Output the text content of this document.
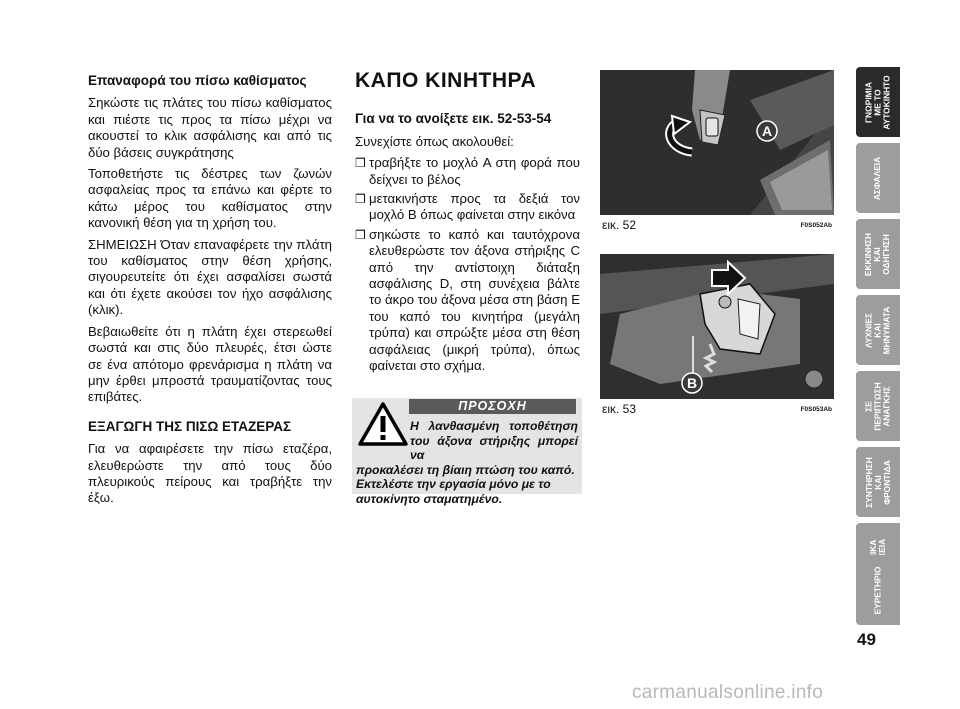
Επαναφορά του πίσω καθίσματος

Σηκώστε τις πλάτες του πίσω καθίσματος και πιέστε τις προς τα πίσω μέχρι να ακουστεί το κλικ ασφάλισης και από τις δύο βάσεις συγκράτησης

Τοποθετήστε τις δέστρες των ζωνών ασφαλείας προς τα επάνω και φέρτε το κάτω μέρος του καθίσματος στην κανονική θέση για τη χρήση του.

ΣΗΜΕΙΩΣΗ Όταν επαναφέρετε την πλάτη του καθίσματος στην θέση χρήσης, σιγουρευτείτε ότι έχει ασφαλίσει σωστά και ότι έχετε ακούσει τον ήχο ασφάλισης (κλικ).

Βεβαιωθείτε ότι η πλάτη έχει στερεωθεί σωστά και στις δύο πλευρές, έτσι ώστε σε ένα απότομο φρενάρισμα η πλάτη να μην έρθει μπροστά τραυματίζοντας τους επιβάτες.

ΕΞΑΓΩΓΗ ΤΗΣ ΠΙΣΩ ΕΤΑΖΕΡΑΣ

Για να αφαιρέσετε την πίσω εταζέρα, ελευθερώστε την από τους δύο πλευρικούς πείρους και τραβήξτε την έξω.

ΚΑΠΟ ΚΙΝΗΤΗΡΑ
Για να το ανοίξετε εικ. 52-53-54

Συνεχίστε όπως ακολουθεί:

❒ τραβήξτε το μοχλό A στη φορά που δείχνει το βέλος
❒ μετακινήστε προς τα δεξιά τον μοχλό B όπως φαίνεται στην εικόνα
❒ σηκώστε το καπό και ταυτόχρονα ελευθερώστε τον άξονα στήριξης C από την αντίστοιχη διάταξη ασφάλισης D, στη συνέχεια βάλτε το άκρο του άξονα μέσα στη βάση E του καπό του κινητήρα (μεγάλη τρύπα) και σπρώξτε μέσα στη θέση ασφάλειας (μικρή τρύπα), όπως φαίνεται στο σχήμα.
ΠΡΟΣΟΧΗ
Η λανθασμένη τοποθέτηση του άξονα στήριξης μπορεί να
προκαλέσει τη βίαιη πτώση του καπό. Εκτελέστε την εργασία μόνο με το αυτοκίνητο σταματημένο.
A
εικ. 52	F0S052Ab
B
εικ. 53	F0S053Ab
ΓΝΩΡΙΜΙΑ
ΜΕ ΤΟ
ΑΥΤΟΚΙΝΗΤΟ
ΑΣΦΑΛΕΙΑ
ΕΚΚΙΝΗΣΗ
ΚΑΙ
ΟΔΗΓΗΣΗ
ΛΥΧΝΙΕΣ
ΚΑΙ
ΜΗΝΥΜΑΤΑ
ΣΕ
ΠΕΡΙΠΤΩΣΗ
ΑΝΑΓΚΗΣ
ΣΥΝΤΗΡΗΣΗ
ΚΑΙ
ΦΡΟΝΤΙΔΑ
ΕΥΡΕΤΗΡΙΟ
49
carmanualsonline.info
